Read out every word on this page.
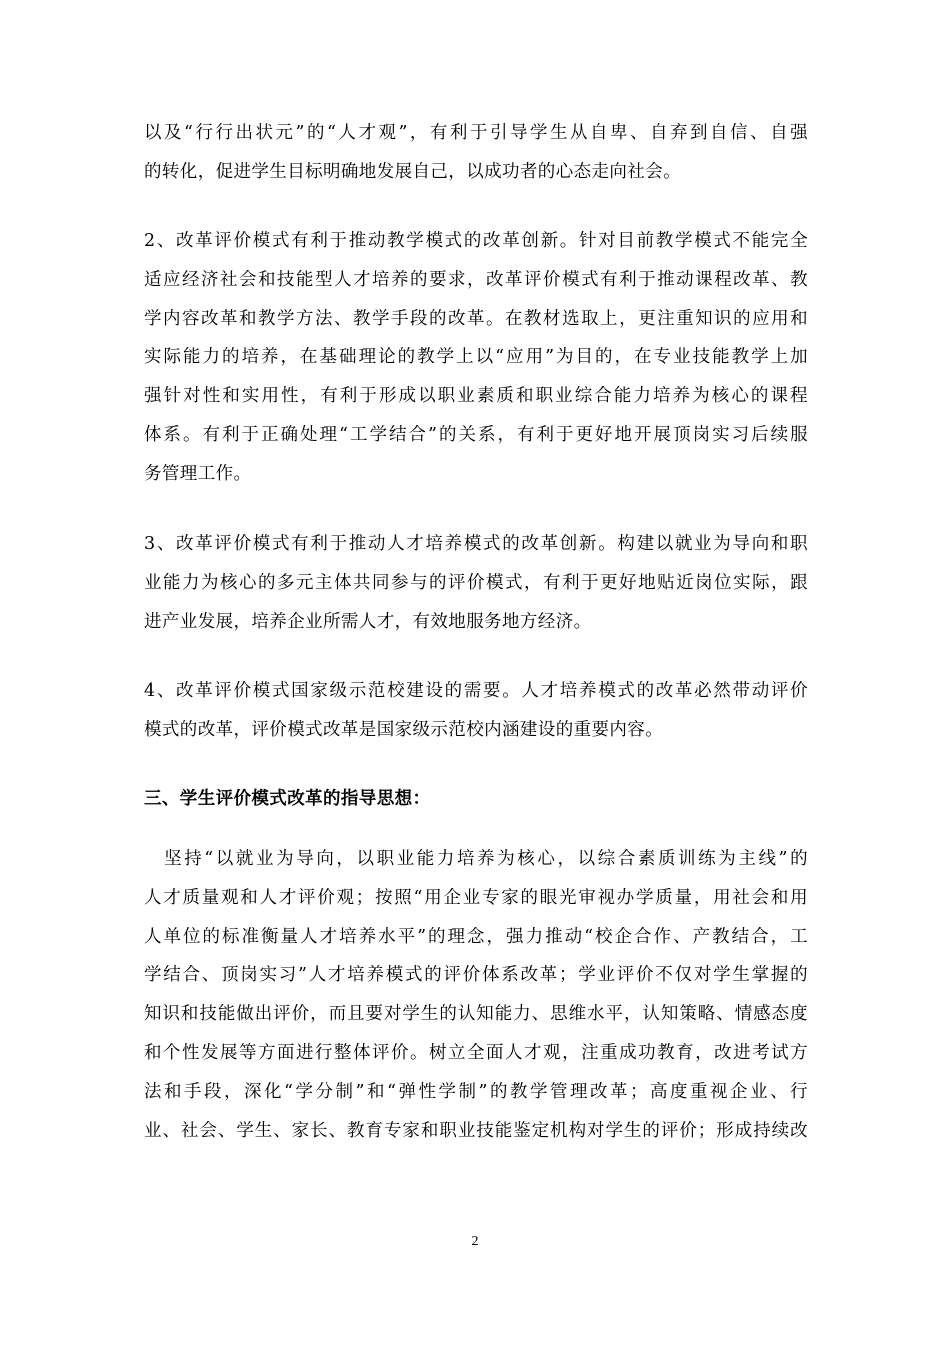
以及“行行出状元”的“人才观”，有利于引导学生从自卑、自弃到自信、自强
的转化，促进学生目标明确地发展自己，以成功者的心态走向社会。
2、改革评价模式有利于推动教学模式的改革创新。针对目前教学模式不能完全
适应经济社会和技能型人才培养的要求，改革评价模式有利于推动课程改革、教
学内容改革和教学方法、教学手段的改革。在教材选取上，更注重知识的应用和
实际能力的培养，在基础理论的教学上以“应用”为目的，在专业技能教学上加
强针对性和实用性，有利于形成以职业素质和职业综合能力培养为核心的课程
体系。有利于正确处理“工学结合”的关系，有利于更好地开展顶岗实习后续服
务管理工作。
3、改革评价模式有利于推动人才培养模式的改革创新。构建以就业为导向和职
业能力为核心的多元主体共同参与的评价模式，有利于更好地贴近岗位实际，跟
进产业发展，培养企业所需人才，有效地服务地方经济。
4、改革评价模式国家级示范校建设的需要。人才培养模式的改革必然带动评价
模式的改革，评价模式改革是国家级示范校内涵建设的重要内容。
三、学生评价模式改革的指导思想：
　坚持“以就业为导向，以职业能力培养为核心，以综合素质训练为主线”的
人才质量观和人才评价观；按照“用企业专家的眼光审视办学质量，用社会和用
人单位的标准衡量人才培养水平”的理念，强力推动“校企合作、产教结合，工
学结合、顶岗实习”人才培养模式的评价体系改革；学业评价不仅对学生掌握的
知识和技能做出评价，而且要对学生的认知能力、思维水平，认知策略、情感态度
和个性发展等方面进行整体评价。树立全面人才观，注重成功教育，改进考试方
法和手段，深化“学分制”和“弹性学制”的教学管理改革；高度重视企业、行
业、社会、学生、家长、教育专家和职业技能鉴定机构对学生的评价；形成持续改
2
